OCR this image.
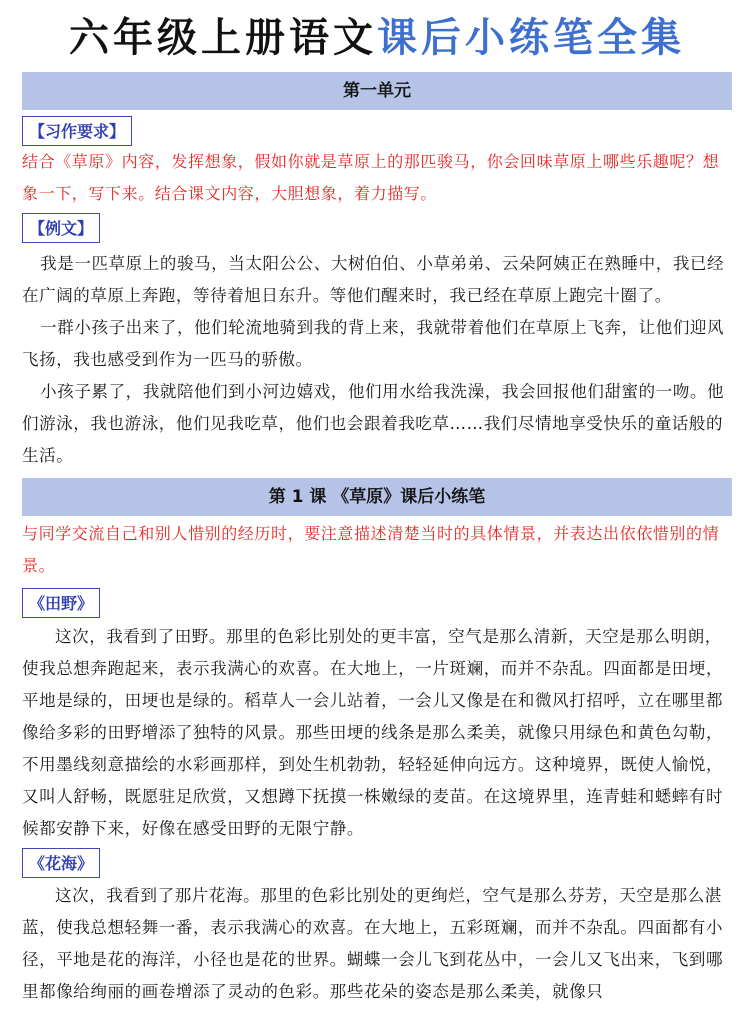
六年级上册语文课后小练笔全集
第一单元
【习作要求】

结合《草原》内容，发挥想象，假如你就是草原上的那匹骏马，你会回味草原上哪些乐趣呢？想象一下，写下来。结合课文内容，大胆想象，着力描写。

【例文】

我是一匹草原上的骏马，当太阳公公、大树伯伯、小草弟弟、云朵阿姨正在熟睡中，我已经在广阔的草原上奔跑，等待着旭日东升。等他们醒来时，我已经在草原上跑完十圈了。

一群小孩子出来了，他们轮流地骑到我的背上来，我就带着他们在草原上飞奔，让他们迎风飞扬，我也感受到作为一匹马的骄傲。

小孩子累了，我就陪他们到小河边嬉戏，他们用水给我洗澡，我会回报他们甜蜜的一吻。他们游泳，我也游泳，他们见我吃草，他们也会跟着我吃草……我们尽情地享受快乐的童话般的生活。

第 1 课 《草原》课后小练笔

与同学交流自己和别人惜别的经历时，要注意描述清楚当时的具体情景，并表达出依依惜别的情景。

《田野》

这次，我看到了田野。那里的色彩比别处的更丰富，空气是那么清新，天空是那么明朗，使我总想奔跑起来，表示我满心的欢喜。在大地上，一片斑斓，而并不杂乱。四面都是田埂，平地是绿的，田埂也是绿的。稻草人一会儿站着，一会儿又像是在和微风打招呼，立在哪里都像给多彩的田野增添了独特的风景。那些田埂的线条是那么柔美，就像只用绿色和黄色勾勒，不用墨线刻意描绘的水彩画那样，到处生机勃勃，轻轻延伸向远方。这种境界，既使人愉悦，又叫人舒畅，既愿驻足欣赏，又想蹲下抚摸一株嫩绿的麦苗。在这境界里，连青蛙和蟋蟀有时候都安静下来，好像在感受田野的无限宁静。

《花海》

这次，我看到了那片花海。那里的色彩比别处的更绚烂，空气是那么芬芳，天空是那么湛蓝，使我总想轻舞一番，表示我满心的欢喜。在大地上，五彩斑斓，而并不杂乱。四面都有小径，平地是花的海洋，小径也是花的世界。蝴蝶一会儿飞到花丛中，一会儿又飞出来，飞到哪里都像给绚丽的画卷增添了灵动的色彩。那些花朵的姿态是那么柔美，就像只
